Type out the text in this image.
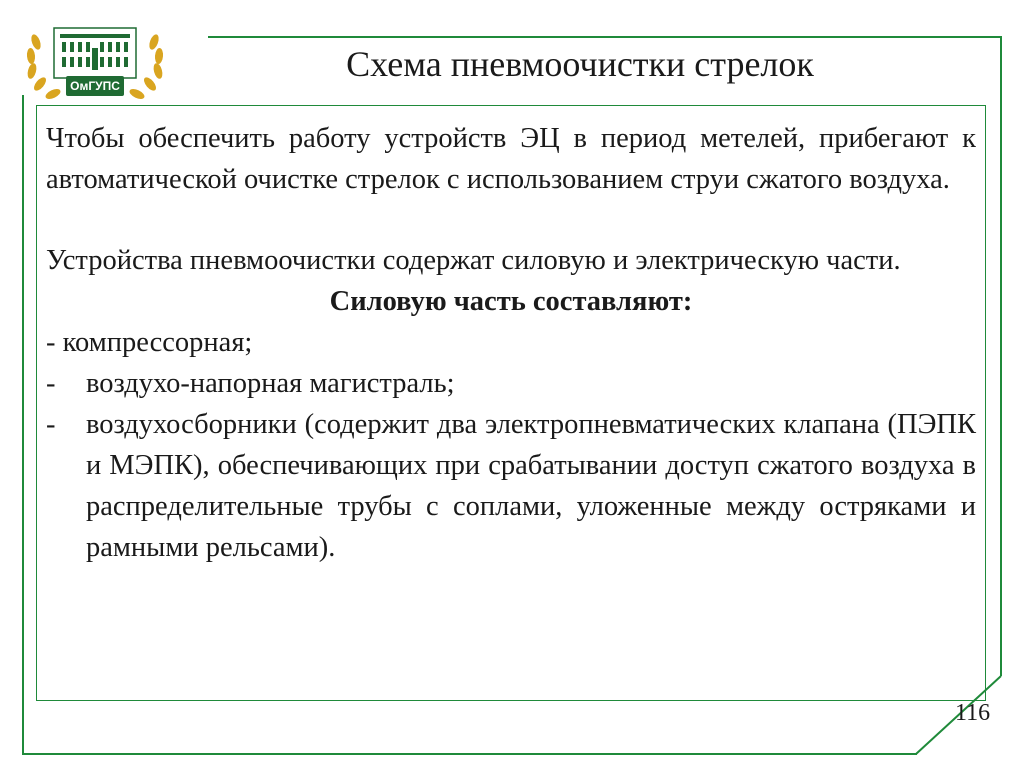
ОмГУПС
Схема пневмоочистки стрелок

Чтобы обеспечить работу устройств ЭЦ в период метелей, прибегают к автоматической очистке стрелок с использованием струи сжатого воздуха.

Устройства пневмоочистки содержат силовую и электрическую части.

Силовую часть составляют:

- компрессорная;

-	воздухо-напорная магистраль;
-	воздухосборники (содержит два электропневматических клапана (ПЭПК и МЭПК), обеспечивающих при срабатывании доступ сжатого воздуха в распределительные трубы с соплами, уложенные между остряками и рамными рельсами).
116
